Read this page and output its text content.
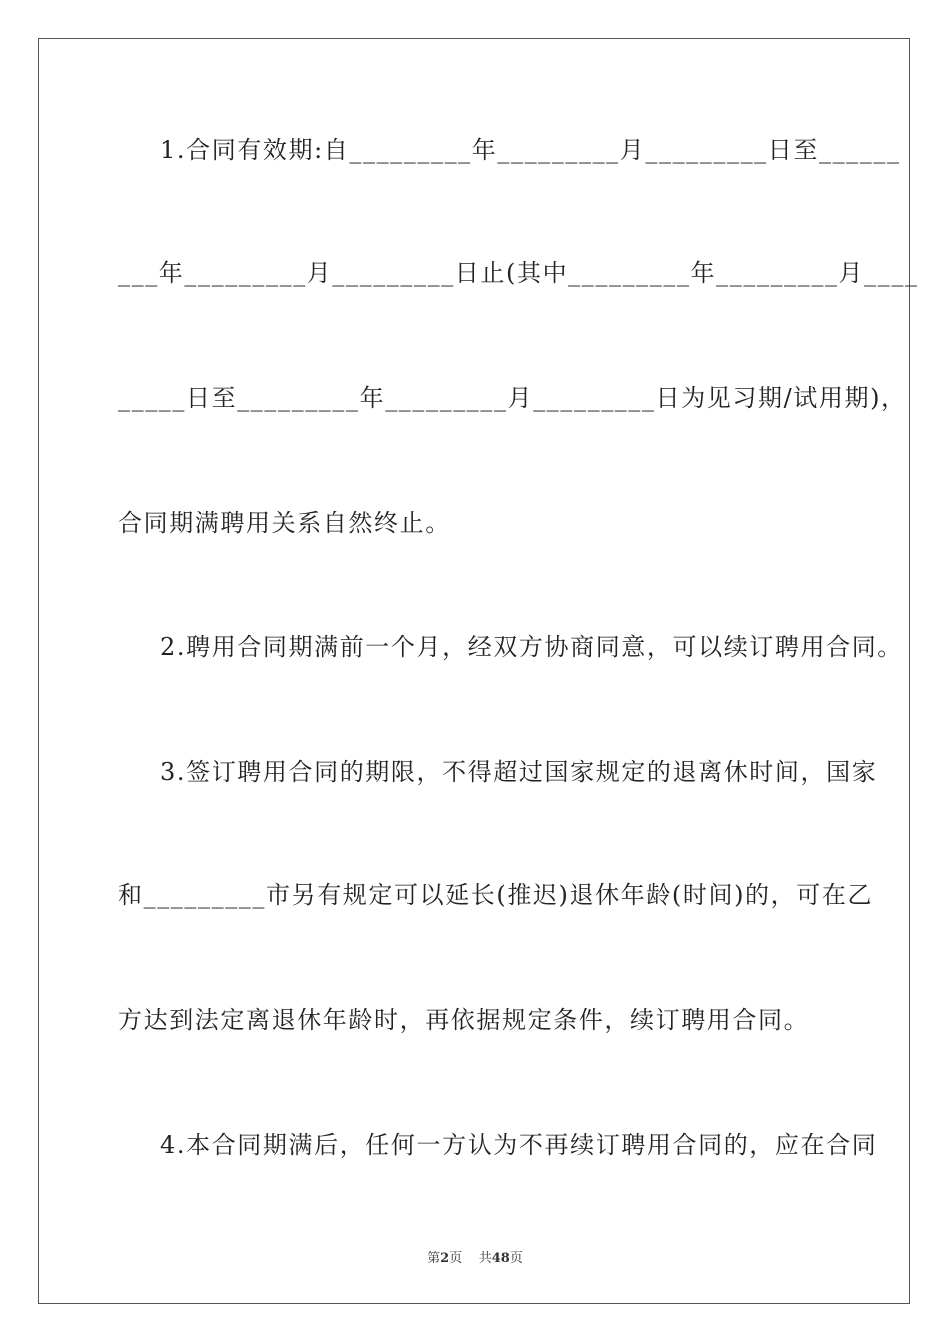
1.合同有效期:自_________年_________月_________日至______
___年_________月_________日止(其中_________年_________月____
_____日至_________年_________月_________日为见习期/试用期)，
合同期满聘用关系自然终止。
2.聘用合同期满前一个月，经双方协商同意，可以续订聘用合同。
3.签订聘用合同的期限，不得超过国家规定的退离休时间，国家
和_________市另有规定可以延长(推迟)退休年龄(时间)的，可在乙
方达到法定离退休年龄时，再依据规定条件，续订聘用合同。
4.本合同期满后，任何一方认为不再续订聘用合同的，应在合同
第2页 共48页
